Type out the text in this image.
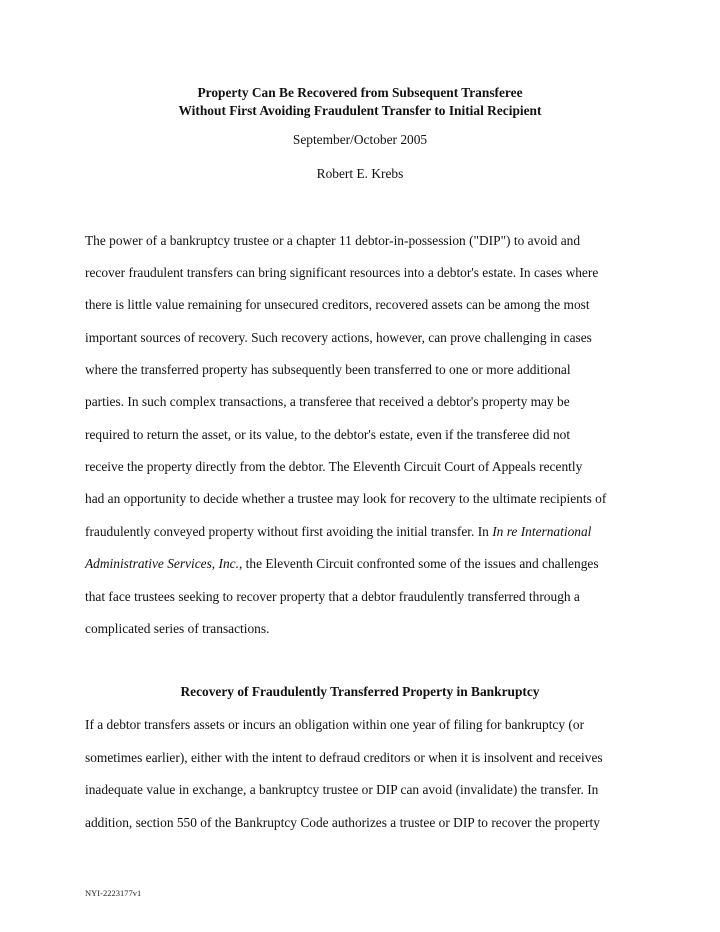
Property Can Be Recovered from Subsequent Transferee
Without First Avoiding Fraudulent Transfer to Initial Recipient
September/October 2005
Robert E. Krebs
The power of a bankruptcy trustee or a chapter 11 debtor-in-possession ("DIP") to avoid and
recover fraudulent transfers can bring significant resources into a debtor's estate. In cases where
there is little value remaining for unsecured creditors, recovered assets can be among the most
important sources of recovery. Such recovery actions, however, can prove challenging in cases
where the transferred property has subsequently been transferred to one or more additional
parties. In such complex transactions, a transferee that received a debtor's property may be
required to return the asset, or its value, to the debtor's estate, even if the transferee did not
receive the property directly from the debtor. The Eleventh Circuit Court of Appeals recently
had an opportunity to decide whether a trustee may look for recovery to the ultimate recipients of
fraudulently conveyed property without first avoiding the initial transfer. In In re International
Administrative Services, Inc., the Eleventh Circuit confronted some of the issues and challenges
that face trustees seeking to recover property that a debtor fraudulently transferred through a
complicated series of transactions.
Recovery of Fraudulently Transferred Property in Bankruptcy
If a debtor transfers assets or incurs an obligation within one year of filing for bankruptcy (or
sometimes earlier), either with the intent to defraud creditors or when it is insolvent and receives
inadequate value in exchange, a bankruptcy trustee or DIP can avoid (invalidate) the transfer. In
addition, section 550 of the Bankruptcy Code authorizes a trustee or DIP to recover the property
NYI-2223177v1
